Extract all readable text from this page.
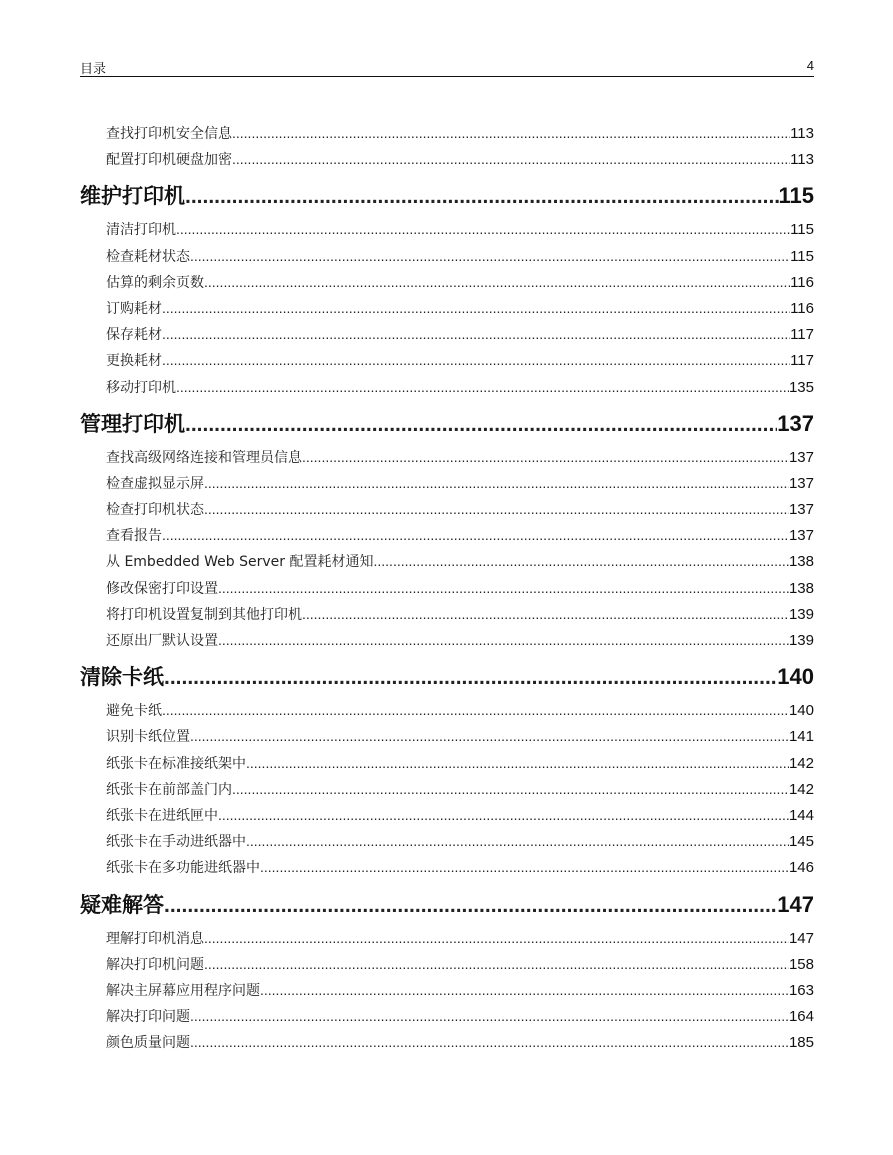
目录	4
查找打印机安全信息 .....	113
配置打印机硬盘加密 .....	113
维护打印机 .....	115
清洁打印机 .....	115
检查耗材状态 .....	115
估算的剩余页数 .....	116
订购耗材 .....	116
保存耗材 .....	117
更换耗材 .....	117
移动打印机 .....	135
管理打印机 .....	137
查找高级网络连接和管理员信息 .....	137
检查虚拟显示屏 .....	137
检查打印机状态 .....	137
查看报告 .....	137
从 Embedded Web Server 配置耗材通知 .....	138
修改保密打印设置 .....	138
将打印机设置复制到其他打印机 .....	139
还原出厂默认设置 .....	139
清除卡纸 .....	140
避免卡纸 .....	140
识别卡纸位置 .....	141
纸张卡在标准接纸架中 .....	142
纸张卡在前部盖门内 .....	142
纸张卡在进纸匣中 .....	144
纸张卡在手动进纸器中 .....	145
纸张卡在多功能进纸器中 .....	146
疑难解答 .....	147
理解打印机消息 .....	147
解决打印机问题 .....	158
解决主屏幕应用程序问题 .....	163
解决打印问题 .....	164
颜色质量问题 .....	185
